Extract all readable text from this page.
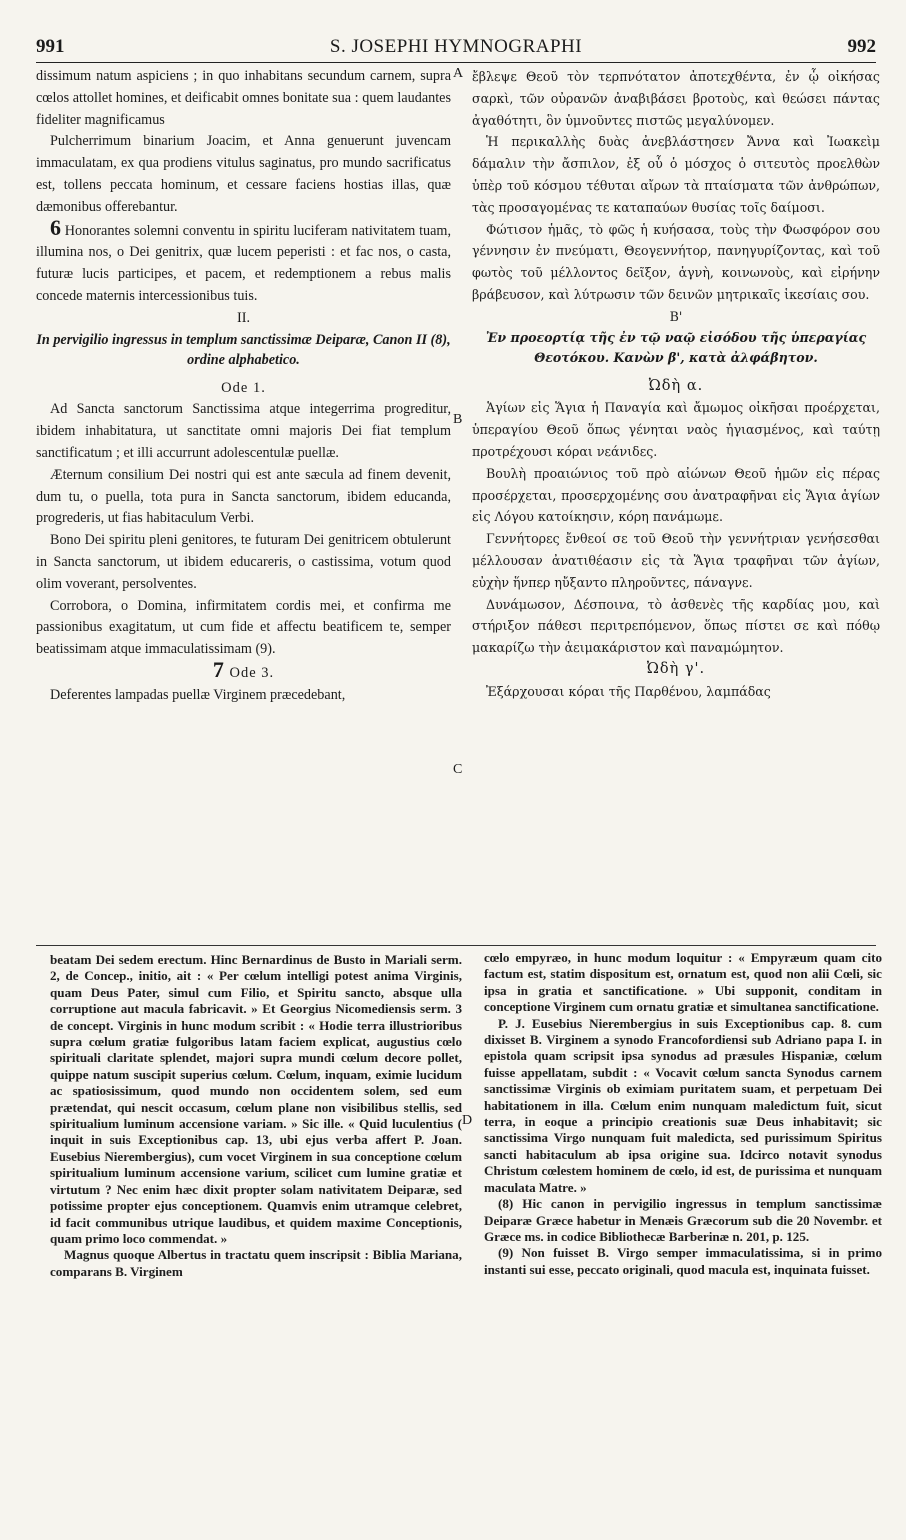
991	S. JOSEPHI HYMNOGRAPHI	992
A
B
C
D

dissimum natum aspiciens ; in quo inhabitans secundum carnem, supra cœlos attollet homines, et deificabit omnes bonitate sua : quem laudantes fideliter magnificamus

Pulcherrimum binarium Joacim, et Anna genuerunt juvencam immaculatam, ex qua prodiens vitulus saginatus, pro mundo sacrificatus est, tollens peccata hominum, et cessare faciens hostias illas, quæ dæmonibus offerebantur.

6 Honorantes solemni conventu in spiritu luciferam nativitatem tuam, illumina nos, o Dei genitrix, quæ lucem peperisti : et fac nos, o casta, futuræ lucis participes, et pacem, et redemptionem a rebus malis concede maternis intercessionibus tuis.

II.

In pervigilio ingressus in templum sanctissimæ Deiparæ, Canon II (8), ordine alphabetico.

Ode 1.

Ad Sancta sanctorum Sanctissima atque integerrima progreditur, ibidem inhabitatura, ut sanctitate omni majoris Dei fiat templum sanctificatum ; et illi accurrunt adolescentulæ puellæ.

Æternum consilium Dei nostri qui est ante sæcula ad finem devenit, dum tu, o puella, tota pura in Sancta sanctorum, ibidem educanda, progrederis, ut fias habitaculum Verbi.

Bono Dei spiritu pleni genitores, te futuram Dei genitricem obtulerunt in Sancta sanctorum, ut ibidem educareris, o castissima, votum quod olim voverant, persolventes.

Corrobora, o Domina, infirmitatem cordis mei, et confirma me passionibus exagitatum, ut cum fide et affectu beatificem te, semper beatissimam atque immaculatissimam (9).

7 Ode 3.

Deferentes lampadas puellæ Virginem præcedebant,

ἔβλεψε Θεοῦ τὸν τερπνότατον ἀποτεχθέντα, ἐν ᾧ οἰκήσας σαρκὶ, τῶν οὐρανῶν ἀναβιβάσει βροτοὺς, καὶ θεώσει πάντας ἀγαθότητι, ὃν ὑμνοῦντες πιστῶς μεγαλύνομεν.

Ἡ περικαλλὴς δυὰς ἀνεβλάστησεν Ἄννα καὶ Ἰωακεὶμ δάμαλιν τὴν ἄσπιλον, ἐξ οὗ ὁ μόσχος ὁ σιτευτὸς προελθὼν ὑπὲρ τοῦ κόσμου τέθυται αἴρων τὰ πταίσματα τῶν ἀνθρώπων, τὰς προσαγομένας τε καταπαύων θυσίας τοῖς δαίμοσι.

Φώτισον ἡμᾶς, τὸ φῶς ἡ κυήσασα, τοὺς τὴν Φωσφόρον σου γέννησιν ἐν πνεύματι, Θεογεννήτορ, πανηγυρίζοντας, καὶ τοῦ φωτὸς τοῦ μέλλοντος δεῖξον, ἁγνὴ, κοινωνοὺς, καὶ εἰρήνην βράβευσον, καὶ λύτρωσιν τῶν δεινῶν μητρικαῖς ἱκεσίαις σου.

Β'

Ἐν προεορτίᾳ τῆς ἐν τῷ ναῷ εἰσόδου τῆς ὑπεραγίας Θεοτόκου. Κανὼν β', κατὰ ἀλφάβητον.

Ὠδὴ α.

Ἁγίων εἰς Ἅγια ἡ Παναγία καὶ ἄμωμος οἰκῆσαι προέρχεται, ὑπεραγίου Θεοῦ ὅπως γένηται ναὸς ἡγιασμένος, καὶ ταύτῃ προτρέχουσι κόραι νεάνιδες.

Βουλὴ προαιώνιος τοῦ πρὸ αἰώνων Θεοῦ ἡμῶν εἰς πέρας προσέρχεται, προσερχομένης σου ἀνατραφῆναι εἰς Ἅγια ἁγίων εἰς Λόγου κατοίκησιν, κόρη πανάμωμε.

Γεννήτορες ἔνθεοί σε τοῦ Θεοῦ τὴν γεννήτριαν γενήσεσθαι μέλλουσαν ἀνατιθέασιν εἰς τὰ Ἅγια τραφῆναι τῶν ἁγίων, εὐχὴν ἥνπερ ηὔξαντο πληροῦντες, πάναγνε.

Δυνάμωσον, Δέσποινα, τὸ ἀσθενὲς τῆς καρδίας μου, καὶ στήριξον πάθεσι περιτρεπόμενον, ὅπως πίστει σε καὶ πόθῳ μακαρίζω τὴν ἀειμακάριστον καὶ παναμώμητον.

Ὠδὴ γ'.

Ἐξάρχουσαι κόραι τῆς Παρθένου, λαμπάδας

beatam Dei sedem erectum. Hinc Bernardinus de Busto in Mariali serm. 2, de Concep., initio, ait : « Per cœlum intelligi potest anima Virginis, quam Deus Pater, simul cum Filio, et Spiritu sancto, absque ulla corruptione aut macula fabricavit. » Et Georgius Nicomediensis serm. 3 de concept. Virginis in hunc modum scribit : « Hodie terra illustrioribus supra cœlum gratiæ fulgoribus latam faciem explicat, augustius cœlo spirituali claritate splendet, majori supra mundi cœlum decore pollet, quippe natum suscipit superius cœlum. Cœlum, inquam, eximie lucidum ac spatiosissimum, quod mundo non occidentem solem, sed eum prætendat, qui nescit occasum, cœlum plane non visibilibus stellis, sed spiritualium luminum accensione variam. » Sic ille. « Quid luculentius ( inquit in suis Exceptionibus cap. 13, ubi ejus verba affert P. Joan. Eusebius Nierembergius), cum vocet Virginem in sua conceptione cœlum spiritualium luminum accensione varium, scilicet cum lumine gratiæ et virtutum ? Nec enim hæc dixit propter solam nativitatem Deiparæ, sed potissime propter ejus conceptionem. Quamvis enim utramque celebret, id facit communibus utrique laudibus, et quidem maxime Conceptionis, quam primo loco commendat. »

Magnus quoque Albertus in tractatu quem inscripsit : Biblia Mariana, comparans B. Virginem

cœlo empyræo, in hunc modum loquitur : « Empyræum quam cito factum est, statim dispositum est, ornatum est, quod non alii Cœli, sic ipsa in gratia et sanctificatione. » Ubi supponit, conditam in conceptione Virginem cum ornatu gratiæ et simultanea sanctificatione.

P. J. Eusebius Nierembergius in suis Exceptionibus cap. 8. cum dixisset B. Virginem a synodo Francofordiensi sub Adriano papa I. in epistola quam scripsit ipsa synodus ad præsules Hispaniæ, cœlum fuisse appellatam, subdit : « Vocavit cœlum sancta Synodus carnem sanctissimæ Virginis ob eximiam puritatem suam, et perpetuam Dei habitationem in illa. Cœlum enim nunquam maledictum fuit, sicut terra, in eoque a principio creationis suæ Deus inhabitavit; sic sanctissima Virgo nunquam fuit maledicta, sed purissimum Spiritus sancti habitaculum ab ipsa origine sua. Idcirco notavit synodus Christum cœlestem hominem de cœlo, id est, de purissima et nunquam maculata Matre. »

(8) Hic canon in pervigilio ingressus in templum sanctissimæ Deiparæ Græce habetur in Menæis Græcorum sub die 20 Novembr. et Græce ms. in codice Bibliothecæ Barberinæ n. 201, p. 125.

(9) Non fuisset B. Virgo semper immaculatissima, si in primo instanti sui esse, peccato originali, quod macula est, inquinata fuisset.
